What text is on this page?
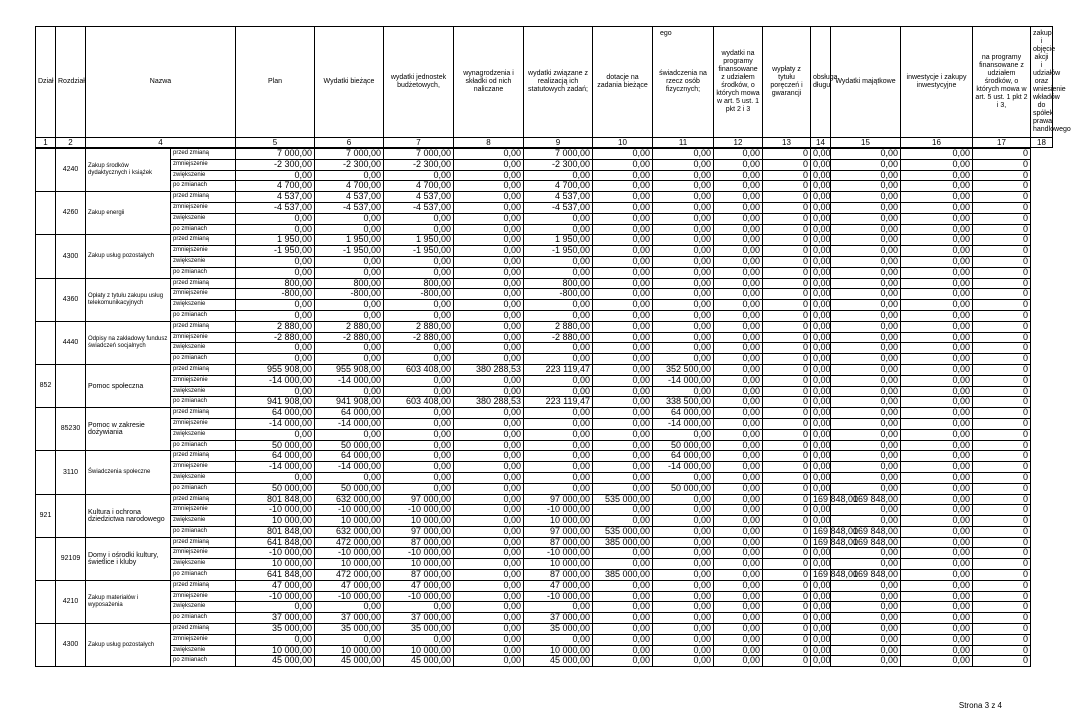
ego
Dział	Rozdział	Nazwa	Plan	Wydatki bieżące	wydatki jednostek budżetowych,	wynagrodzenia i składki od nich naliczane	wydatki związane z realizacją ich statutowych zadań;	dotacje na zadania bieżące	świadczenia na rzecz osób fizycznych;	wydatki na programy finansowane z udziałem środków, o których mowa w art. 5 ust. 1 pkt 2 i 3	wypłaty z tytułu poręczeń i gwarancji	obsługa długu	Wydatki majątkowe	inwestycje i zakupy inwestycyjne	na programy finansowane z udziałem środków, o których mowa w art. 5 ust. 1 pkt 2 i 3,	zakup i objęcie akcji i udziałów oraz wniesienie wkładów do spółek prawa handlowego
1	2	4	5	6	7	8	9	10	11	12	13	14	15	16	17	18
	4240	Zakup środków dydaktycznych i książek	przed zmianą	7 000,00	7 000,00	7 000,00	0,00	7 000,00	0,00	0,00	0,00	0	0,00	0,00	0,00	0
			zmniejszenie	-2 300,00	-2 300,00	-2 300,00	0,00	-2 300,00	0,00	0,00	0,00	0	0,00	0,00	0,00	0
			zwiększenie	0,00	0,00	0,00	0,00	0,00	0,00	0,00	0,00	0	0,00	0,00	0,00	0
			po zmianach	4 700,00	4 700,00	4 700,00	0,00	4 700,00	0,00	0,00	0,00	0	0,00	0,00	0,00	0
	4260	Zakup energii	przed zmianą	4 537,00	4 537,00	4 537,00	0,00	4 537,00	0,00	0,00	0,00	0	0,00	0,00	0,00	0
			zmniejszenie	-4 537,00	-4 537,00	-4 537,00	0,00	-4 537,00	0,00	0,00	0,00	0	0,00	0,00	0,00	0
			zwiększenie	0,00	0,00	0,00	0,00	0,00	0,00	0,00	0,00	0	0,00	0,00	0,00	0
			po zmianach	0,00	0,00	0,00	0,00	0,00	0,00	0,00	0,00	0	0,00	0,00	0,00	0
	4300	Zakup usług pozostałych	przed zmianą	1 950,00	1 950,00	1 950,00	0,00	1 950,00	0,00	0,00	0,00	0	0,00	0,00	0,00	0
			zmniejszenie	-1 950,00	-1 950,00	-1 950,00	0,00	-1 950,00	0,00	0,00	0,00	0	0,00	0,00	0,00	0
			zwiększenie	0,00	0,00	0,00	0,00	0,00	0,00	0,00	0,00	0	0,00	0,00	0,00	0
			po zmianach	0,00	0,00	0,00	0,00	0,00	0,00	0,00	0,00	0	0,00	0,00	0,00	0
	4360	Opłaty z tytułu zakupu usług telekomunikacyjnych	przed zmianą	800,00	800,00	800,00	0,00	800,00	0,00	0,00	0,00	0	0,00	0,00	0,00	0
			zmniejszenie	-800,00	-800,00	-800,00	0,00	-800,00	0,00	0,00	0,00	0	0,00	0,00	0,00	0
			zwiększenie	0,00	0,00	0,00	0,00	0,00	0,00	0,00	0,00	0	0,00	0,00	0,00	0
			po zmianach	0,00	0,00	0,00	0,00	0,00	0,00	0,00	0,00	0	0,00	0,00	0,00	0
	4440	Odpisy na zakładowy fundusz świadczeń socjalnych	przed zmianą	2 880,00	2 880,00	2 880,00	0,00	2 880,00	0,00	0,00	0,00	0	0,00	0,00	0,00	0
			zmniejszenie	-2 880,00	-2 880,00	-2 880,00	0,00	-2 880,00	0,00	0,00	0,00	0	0,00	0,00	0,00	0
			zwiększenie	0,00	0,00	0,00	0,00	0,00	0,00	0,00	0,00	0	0,00	0,00	0,00	0
			po zmianach	0,00	0,00	0,00	0,00	0,00	0,00	0,00	0,00	0	0,00	0,00	0,00	0
852		Pomoc społeczna	przed zmianą	955 908,00	955 908,00	603 408,00	380 288,53	223 119,47	0,00	352 500,00	0,00	0	0,00	0,00	0,00	0
			zmniejszenie	-14 000,00	-14 000,00	0,00	0,00	0,00	0,00	-14 000,00	0,00	0	0,00	0,00	0,00	0
			zwiększenie	0,00	0,00	0,00	0,00	0,00	0,00	0,00	0,00	0	0,00	0,00	0,00	0
			po zmianach	941 908,00	941 908,00	603 408,00	380 288,53	223 119,47	0,00	338 500,00	0,00	0	0,00	0,00	0,00	0
	85230	Pomoc w zakresie dożywiania	przed zmianą	64 000,00	64 000,00	0,00	0,00	0,00	0,00	64 000,00	0,00	0	0,00	0,00	0,00	0
			zmniejszenie	-14 000,00	-14 000,00	0,00	0,00	0,00	0,00	-14 000,00	0,00	0	0,00	0,00	0,00	0
			zwiększenie	0,00	0,00	0,00	0,00	0,00	0,00	0,00	0,00	0	0,00	0,00	0,00	0
			po zmianach	50 000,00	50 000,00	0,00	0,00	0,00	0,00	50 000,00	0,00	0	0,00	0,00	0,00	0
	3110	Świadczenia społeczne	przed zmianą	64 000,00	64 000,00	0,00	0,00	0,00	0,00	64 000,00	0,00	0	0,00	0,00	0,00	0
			zmniejszenie	-14 000,00	-14 000,00	0,00	0,00	0,00	0,00	-14 000,00	0,00	0	0,00	0,00	0,00	0
			zwiększenie	0,00	0,00	0,00	0,00	0,00	0,00	0,00	0,00	0	0,00	0,00	0,00	0
			po zmianach	50 000,00	50 000,00	0,00	0,00	0,00	0,00	50 000,00	0,00	0	0,00	0,00	0,00	0
921		Kultura i ochrona dziedzictwa narodowego	przed zmianą	801 848,00	632 000,00	97 000,00	0,00	97 000,00	535 000,00	0,00	0,00	0	169 848,00	169 848,00	0,00	0
			zmniejszenie	-10 000,00	-10 000,00	-10 000,00	0,00	-10 000,00	0,00	0,00	0,00	0	0,00	0,00	0,00	0
			zwiększenie	10 000,00	10 000,00	10 000,00	0,00	10 000,00	0,00	0,00	0,00	0	0,00	0,00	0,00	0
			po zmianach	801 848,00	632 000,00	97 000,00	0,00	97 000,00	535 000,00	0,00	0,00	0	169 848,00	169 848,00	0,00	0
	92109	Domy i ośrodki kultury, świetlice i kluby	przed zmianą	641 848,00	472 000,00	87 000,00	0,00	87 000,00	385 000,00	0,00	0,00	0	169 848,00	169 848,00	0,00	0
			zmniejszenie	-10 000,00	-10 000,00	-10 000,00	0,00	-10 000,00	0,00	0,00	0,00	0	0,00	0,00	0,00	0
			zwiększenie	10 000,00	10 000,00	10 000,00	0,00	10 000,00	0,00	0,00	0,00	0	0,00	0,00	0,00	0
			po zmianach	641 848,00	472 000,00	87 000,00	0,00	87 000,00	385 000,00	0,00	0,00	0	169 848,00	169 848,00	0,00	0
	4210	Zakup materiałów i wyposażenia	przed zmianą	47 000,00	47 000,00	47 000,00	0,00	47 000,00	0,00	0,00	0,00	0	0,00	0,00	0,00	0
			zmniejszenie	-10 000,00	-10 000,00	-10 000,00	0,00	-10 000,00	0,00	0,00	0,00	0	0,00	0,00	0,00	0
			zwiększenie	0,00	0,00	0,00	0,00	0,00	0,00	0,00	0,00	0	0,00	0,00	0,00	0
			po zmianach	37 000,00	37 000,00	37 000,00	0,00	37 000,00	0,00	0,00	0,00	0	0,00	0,00	0,00	0
	4300	Zakup usług pozostałych	przed zmianą	35 000,00	35 000,00	35 000,00	0,00	35 000,00	0,00	0,00	0,00	0	0,00	0,00	0,00	0
			zmniejszenie	0,00	0,00	0,00	0,00	0,00	0,00	0,00	0,00	0	0,00	0,00	0,00	0
			zwiększenie	10 000,00	10 000,00	10 000,00	0,00	10 000,00	0,00	0,00	0,00	0	0,00	0,00	0,00	0
			po zmianach	45 000,00	45 000,00	45 000,00	0,00	45 000,00	0,00	0,00	0,00	0	0,00	0,00	0,00	0
Strona 3 z 4
